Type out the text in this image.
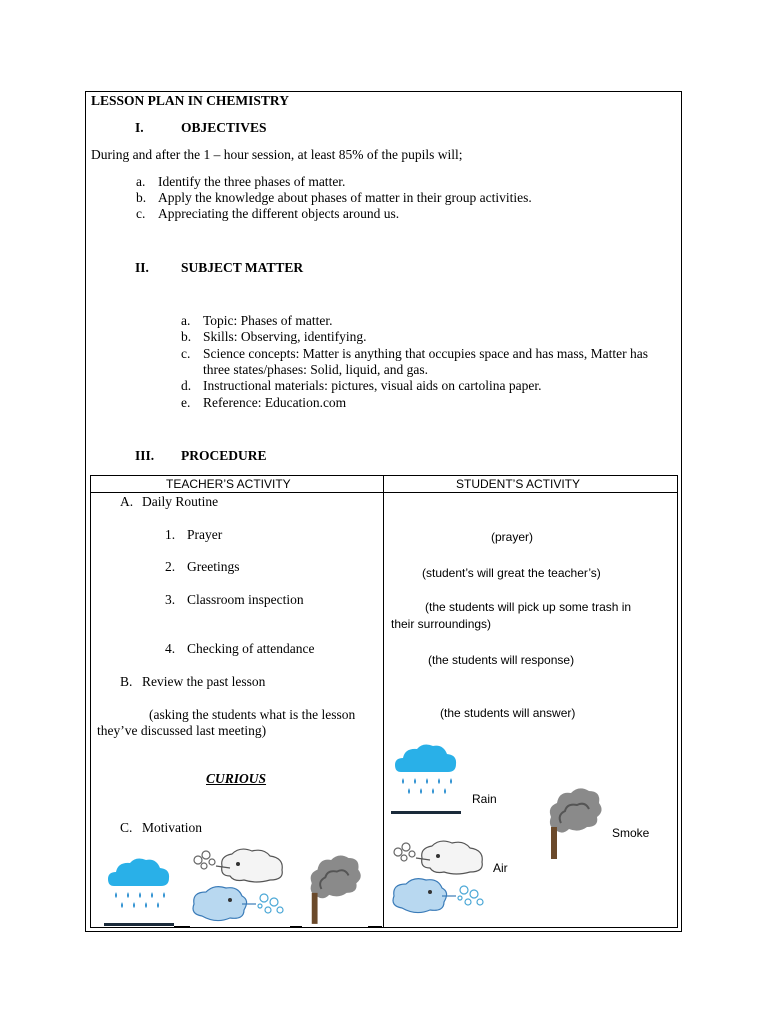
LESSON PLAN IN CHEMISTRY
I.	OBJECTIVES
During and after the 1 – hour session, at least 85% of the pupils will;
a. Identify the three phases of matter.
b. Apply the knowledge about phases of matter in their group activities.
c. Appreciating the different objects around us.
II. SUBJECT MATTER
a. Topic: Phases of matter.
b. Skills: Observing, identifying.
c. Science concepts: Matter is anything that occupies space and has mass, Matter has
three states/phases: Solid, liquid, and gas.
d. Instructional materials: pictures, visual aids on cartolina paper.
e. Reference: Education.com
III. PROCEDURE
TEACHER’S ACTIVITY	STUDENT’S ACTIVITY
A. Daily Routine
1. Prayer
2. Greetings
3. Classroom inspection
4. Checking of attendance
B. Review the past lesson
(asking the students what is the lesson
they’ve discussed last meeting)
CURIOUS
C. Motivation
(prayer)
(student’s will great the teacher’s)
(the students will pick up some trash in
their surroundings)
(the students will response)
(the students will answer)
Rain
Smoke
Air
